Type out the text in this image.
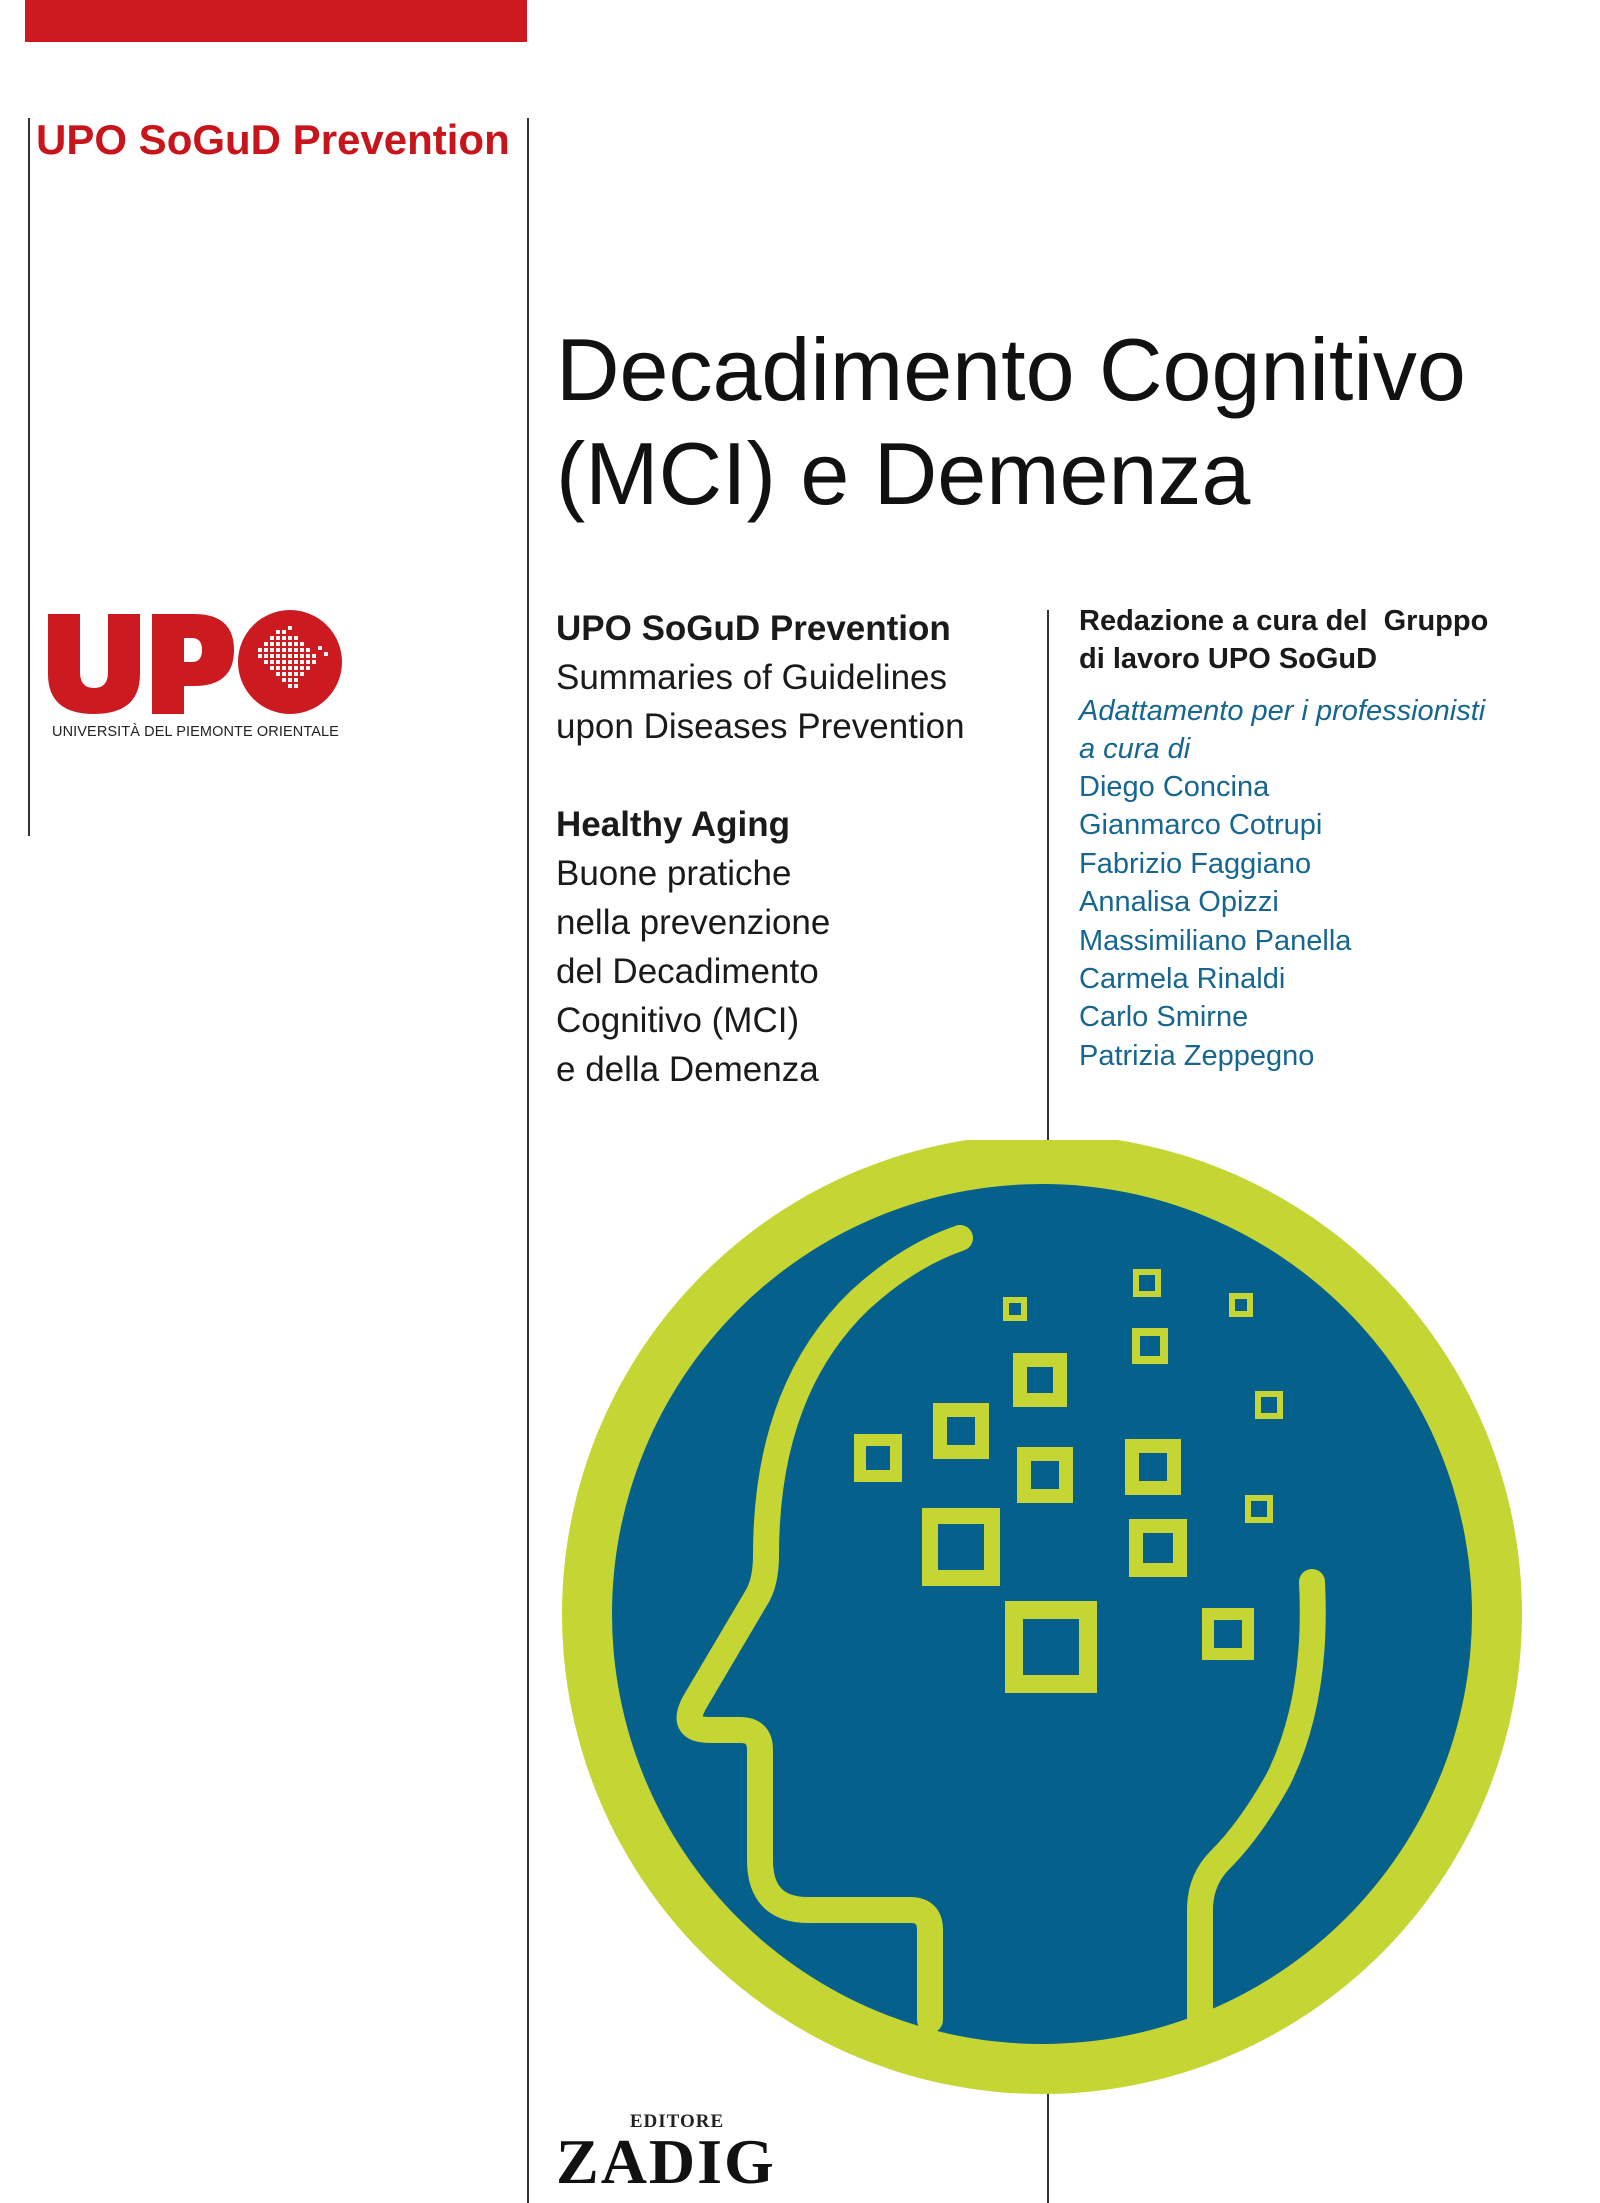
UPO SoGuD Prevention
Decadimento Cognitivo
(MCI) e Demenza
UNIVERSITÀ DEL PIEMONTE ORIENTALE
UPO SoGuD Prevention
Summaries of Guidelines
upon Diseases Prevention
Healthy Aging
Buone pratiche
nella prevenzione
del Decadimento
Cognitivo (MCI)
e della Demenza
Redazione a cura del  Gruppo
di lavoro UPO SoGuD
Adattamento per i professionisti
a cura di
Diego Concina
Gianmarco Cotrupi
Fabrizio Faggiano
Annalisa Opizzi
Massimiliano Panella
Carmela Rinaldi
Carlo Smirne
Patrizia Zeppegno
EDITORE
ZADIG
